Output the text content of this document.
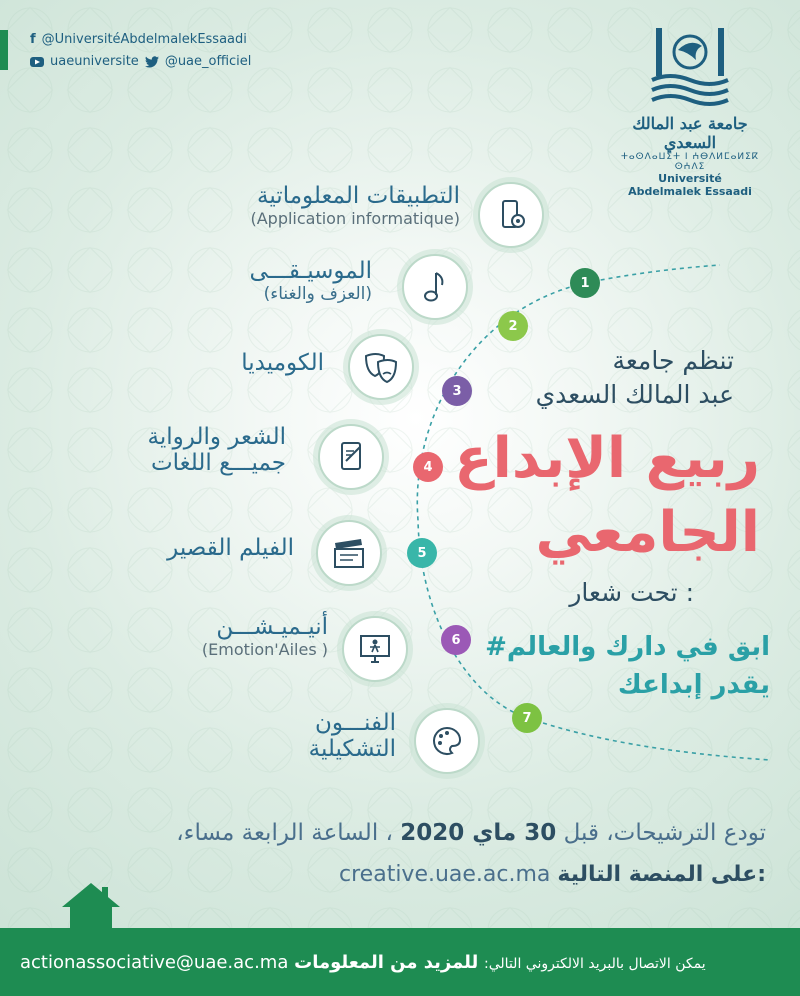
f @UniversitéAbdelmalekEssaadi
uaeuniversite @uae_officiel
جامعة عبد المالك السعدي
ⵜⴰⵙⴷⴰⵡⵉⵜ ⵏ ⵄⴱⴷⵍⵎⴰⵍⵉⴽ ⵙⵄⴷⵉ
Université Abdelmalek Essaadi
التطبيقات المعلوماتية
(Application informatique)
الموسيـقـــى
(العزف والغناء)
الكوميديا
الشعر والرواية
جميـــع اللغات
الفيلم القصير
أنيـميـشـــن
(Emotion'Ailes )
الفنـــون
التشكيلية
1
2
3
4
5
6
7
تنظم جامعة
عبد المالك السعدي
ربيع الإبداع
الجامعي
تحت شعار :
#ابق في دارك والعالم
يقدر إبداعك
تودع الترشيحات، قبل 30 ماي 2020 ، الساعة الرابعة مساء،
creative.uae.ac.ma على المنصة التالية:
actionassociative@uae.ac.ma	يمكن الاتصال بالبريد الالكتروني التالي: للمزيد من المعلومات
